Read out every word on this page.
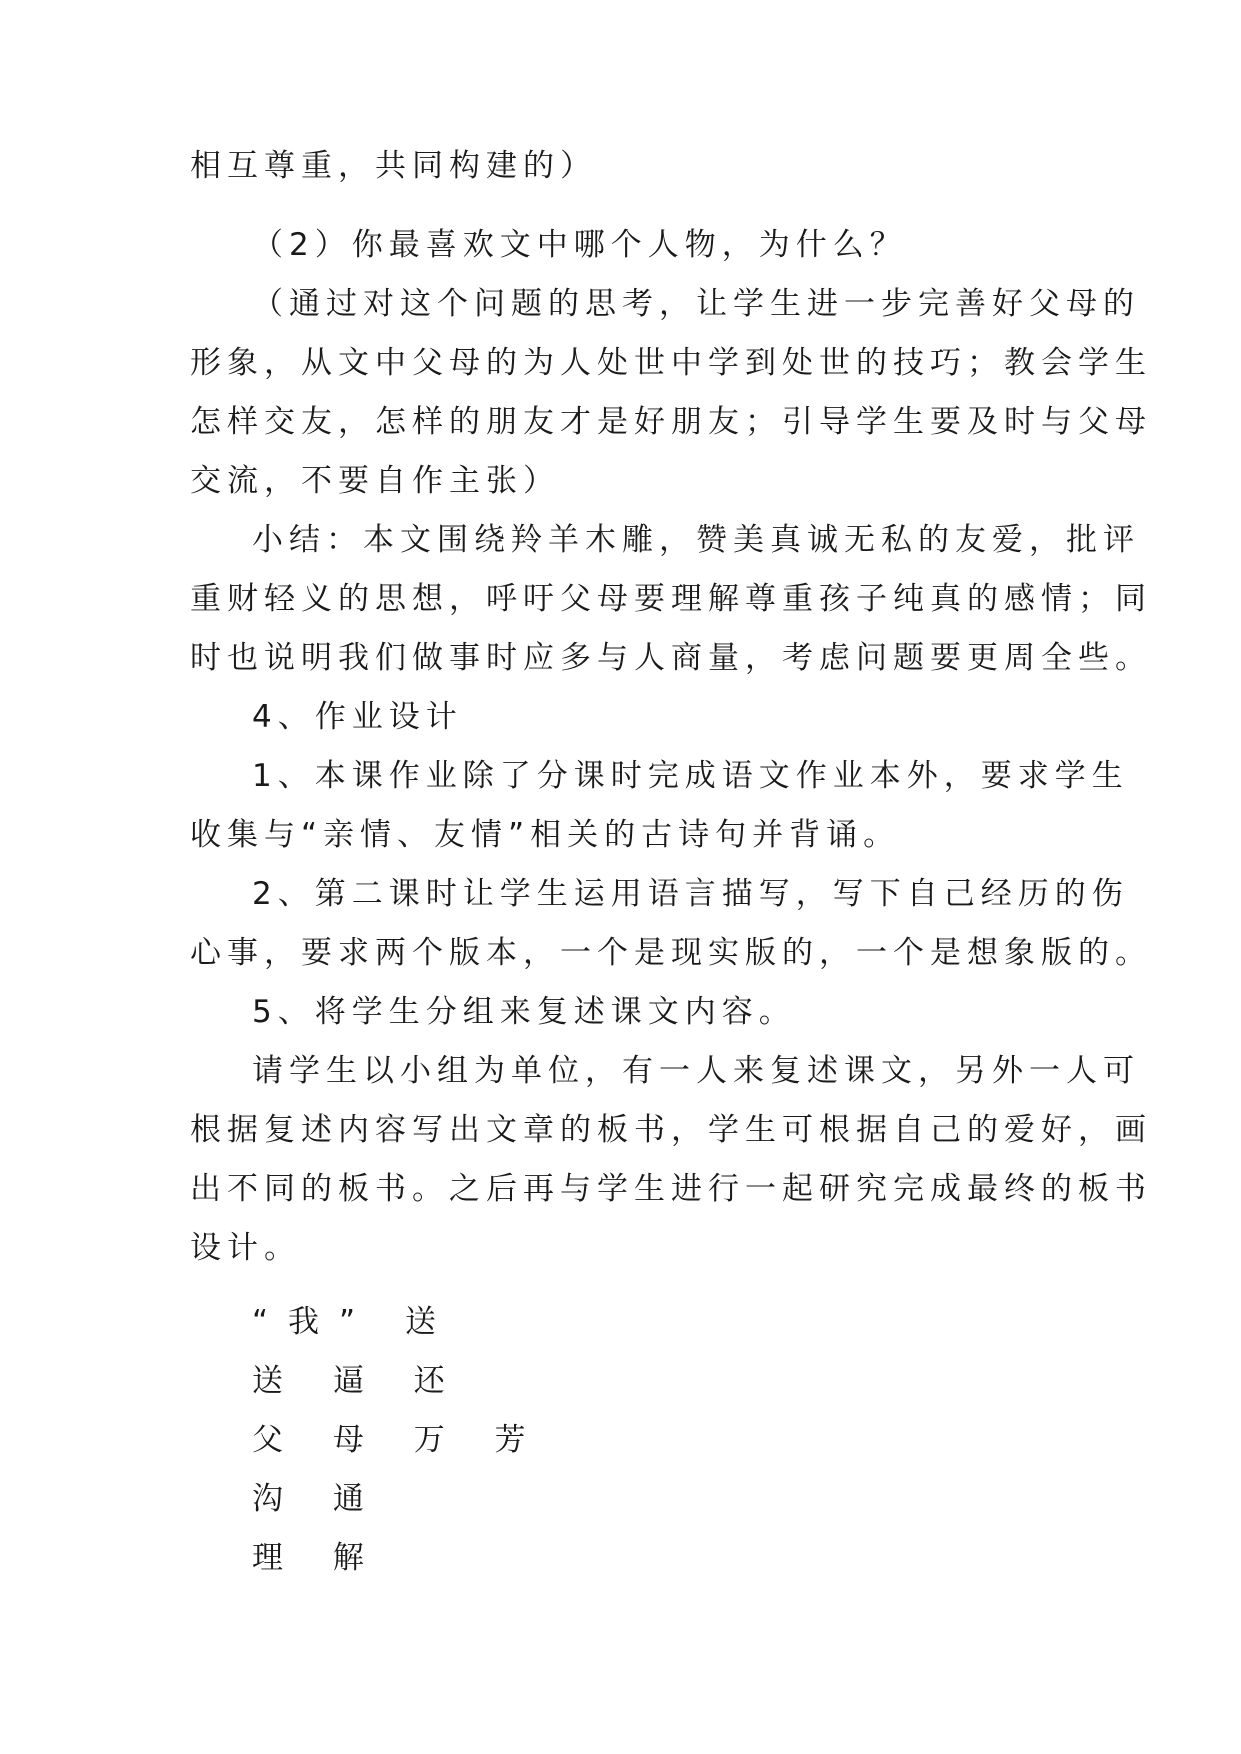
相互尊重，共同构建的）
（2）你最喜欢文中哪个人物，为什么？
（通过对这个问题的思考，让学生进一步完善好父母的
形象，从文中父母的为人处世中学到处世的技巧；教会学生
怎样交友，怎样的朋友才是好朋友；引导学生要及时与父母
交流，不要自作主张）
小结：本文围绕羚羊木雕，赞美真诚无私的友爱，批评
重财轻义的思想，呼吁父母要理解尊重孩子纯真的感情；同
时也说明我们做事时应多与人商量，考虑问题要更周全些。
4、作业设计
1、本课作业除了分课时完成语文作业本外，要求学生
收集与“亲情、友情”相关的古诗句并背诵。
2、第二课时让学生运用语言描写，写下自己经历的伤
心事，要求两个版本，一个是现实版的，一个是想象版的。
5、将学生分组来复述课文内容。
请学生以小组为单位，有一人来复述课文，另外一人可
根据复述内容写出文章的板书，学生可根据自己的爱好，画
出不同的板书。之后再与学生进行一起研究完成最终的板书
设计。
“我” 送
送 逼 还
父 母 万 芳
沟 通
理 解
